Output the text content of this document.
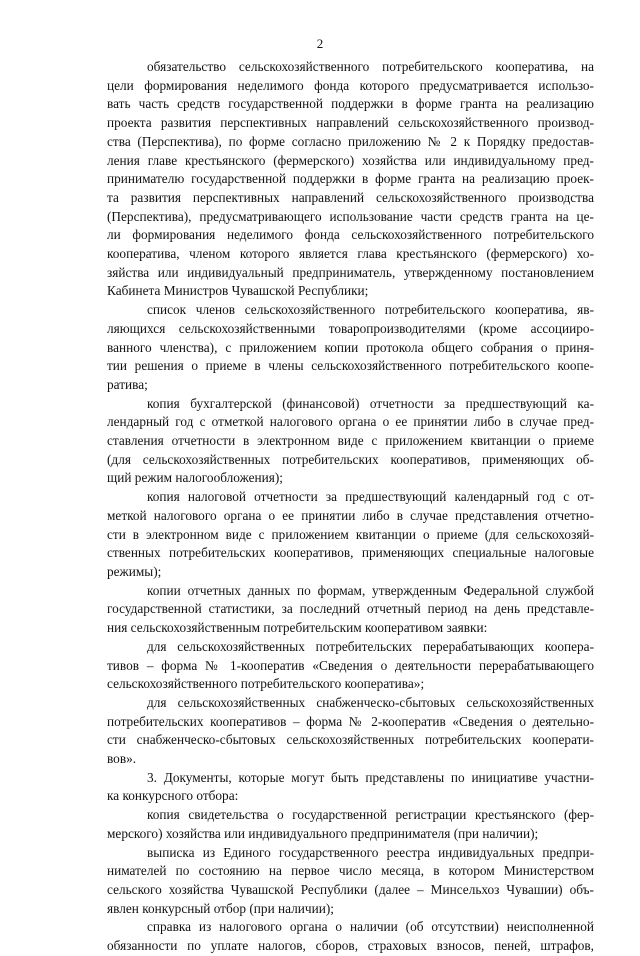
2

обязательство сельскохозяйственного потребительского кооператива, на
цели формирования неделимого фонда которого предусматривается использо-
вать часть средств государственной поддержки в форме гранта на реализацию
проекта развития перспективных направлений сельскохозяйственного производ-
ства (Перспектива), по форме согласно приложению № 2 к Порядку предостав-
ления главе крестьянского (фермерского) хозяйства или индивидуальному пред-
принимателю государственной поддержки в форме гранта на реализацию проек-
та развития перспективных направлений сельскохозяйственного производства
(Перспектива), предусматривающего использование части средств гранта на це-
ли формирования неделимого фонда сельскохозяйственного потребительского
кооператива, членом которого является глава крестьянского (фермерского) хо-
зяйства или индивидуальный предприниматель, утвержденному постановлением
Кабинета Министров Чувашской Республики;

список членов сельскохозяйственного потребительского кооператива, яв-
ляющихся сельскохозяйственными товаропроизводителями (кроме ассоцииро-
ванного членства), с приложением копии протокола общего собрания о приня-
тии решения о приеме в члены сельскохозяйственного потребительского коопе-
ратива;

копия бухгалтерской (финансовой) отчетности за предшествующий ка-
лендарный год с отметкой налогового органа о ее принятии либо в случае пред-
ставления отчетности в электронном виде с приложением квитанции о приеме
(для сельскохозяйственных потребительских кооперативов, применяющих об-
щий режим налогообложения);

копия налоговой отчетности за предшествующий календарный год с от-
меткой налогового органа о ее принятии либо в случае представления отчетно-
сти в электронном виде с приложением квитанции о приеме (для сельскохозяй-
ственных потребительских кооперативов, применяющих специальные налоговые
режимы);

копии отчетных данных по формам, утвержденным Федеральной службой
государственной статистики, за последний отчетный период на день представле-
ния сельскохозяйственным потребительским кооперативом заявки:

для сельскохозяйственных потребительских перерабатывающих коопера-
тивов – форма № 1-кооператив «Сведения о деятельности перерабатывающего
сельскохозяйственного потребительского кооператива»;

для сельскохозяйственных снабженческо-сбытовых сельскохозяйственных
потребительских кооперативов – форма № 2-кооператив «Сведения о деятельно-
сти снабженческо-сбытовых сельскохозяйственных потребительских кооперати-
вов».

3. Документы, которые могут быть представлены по инициативе участни-
ка конкурсного отбора:

копия свидетельства о государственной регистрации крестьянского (фер-
мерского) хозяйства или индивидуального предпринимателя (при наличии);

выписка из Единого государственного реестра индивидуальных предпри-
нимателей по состоянию на первое число месяца, в котором Министерством
сельского хозяйства Чувашской Республики (далее – Минсельхоз Чувашии) объ-
явлен конкурсный отбор (при наличии);

справка из налогового органа о наличии (об отсутствии) неисполненной
обязанности по уплате налогов, сборов, страховых взносов, пеней, штрафов,
